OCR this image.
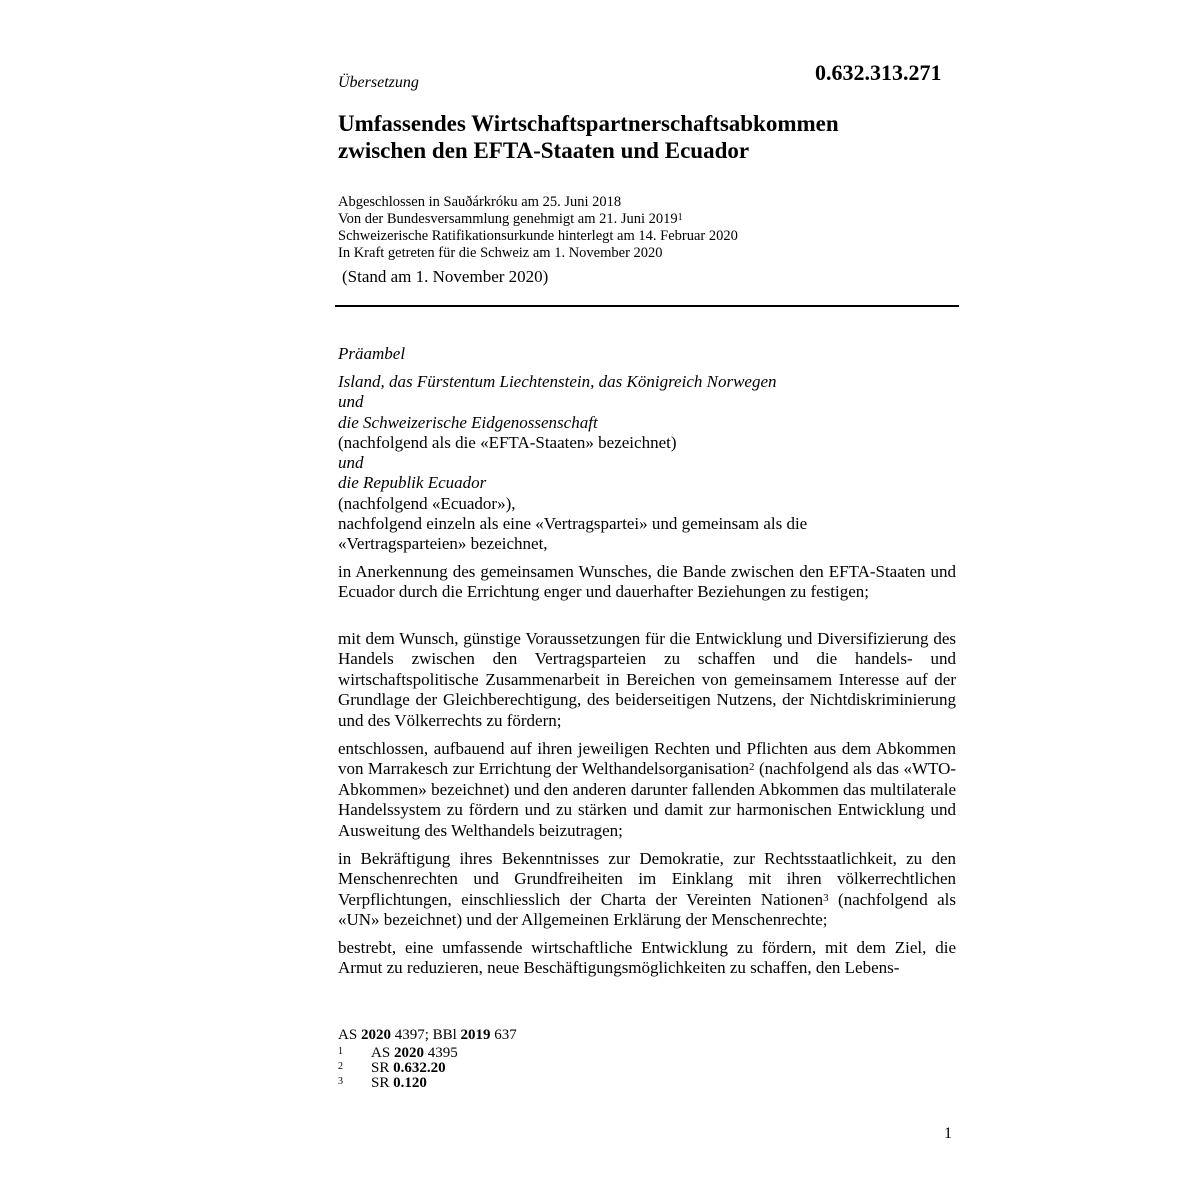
Übersetzung	0.632.313.271
Umfassendes Wirtschaftspartnerschaftsabkommen
zwischen den EFTA-Staaten und Ecuador
Abgeschlossen in Sauðárkróku am 25. Juni 2018
Von der Bundesversammlung genehmigt am 21. Juni 2019$^1$
Schweizerische Ratifikationsurkunde hinterlegt am 14. Februar 2020
In Kraft getreten für die Schweiz am 1. November 2020
(Stand am 1. November 2020)
Präambel
Island, das Fürstentum Liechtenstein, das Königreich Norwegen
und
die Schweizerische Eidgenossenschaft
(nachfolgend als die «EFTA-Staaten» bezeichnet)
und
die Republik Ecuador
(nachfolgend «Ecuador»),
nachfolgend einzeln als eine «Vertragspartei» und gemeinsam als die
«Vertragsparteien» bezeichnet,
in Anerkennung des gemeinsamen Wunsches, die Bande zwischen den EFTA-Staaten und Ecuador durch die Errichtung enger und dauerhafter Beziehungen zu festigen;
mit dem Wunsch, günstige Voraussetzungen für die Entwicklung und Diversifizierung des Handels zwischen den Vertragsparteien zu schaffen und die handels- und wirtschaftspolitische Zusammenarbeit in Bereichen von gemeinsamem Interesse auf der Grundlage der Gleichberechtigung, des beiderseitigen Nutzens, der Nichtdiskriminierung und des Völkerrechts zu fördern;
entschlossen, aufbauend auf ihren jeweiligen Rechten und Pflichten aus dem Abkommen von Marrakesch zur Errichtung der Welthandelsorganisation$^2$ (nachfolgend als das «WTO-Abkommen» bezeichnet) und den anderen darunter fallenden Abkommen das multilaterale Handelssystem zu fördern und zu stärken und damit zur harmonischen Entwicklung und Ausweitung des Welthandels beizutragen;
in Bekräftigung ihres Bekenntnisses zur Demokratie, zur Rechtsstaatlichkeit, zu den Menschenrechten und Grundfreiheiten im Einklang mit ihren völkerrechtlichen Verpflichtungen, einschliesslich der Charta der Vereinten Nationen$^3$ (nachfolgend als «UN» bezeichnet) und der Allgemeinen Erklärung der Menschenrechte;
bestrebt, eine umfassende wirtschaftliche Entwicklung zu fördern, mit dem Ziel, die Armut zu reduzieren, neue Beschäftigungsmöglichkeiten zu schaffen, den Lebens-
AS 2020 4397; BBl 2019 637
1 AS 2020 4395
2 SR 0.632.20
3 SR 0.120
1
